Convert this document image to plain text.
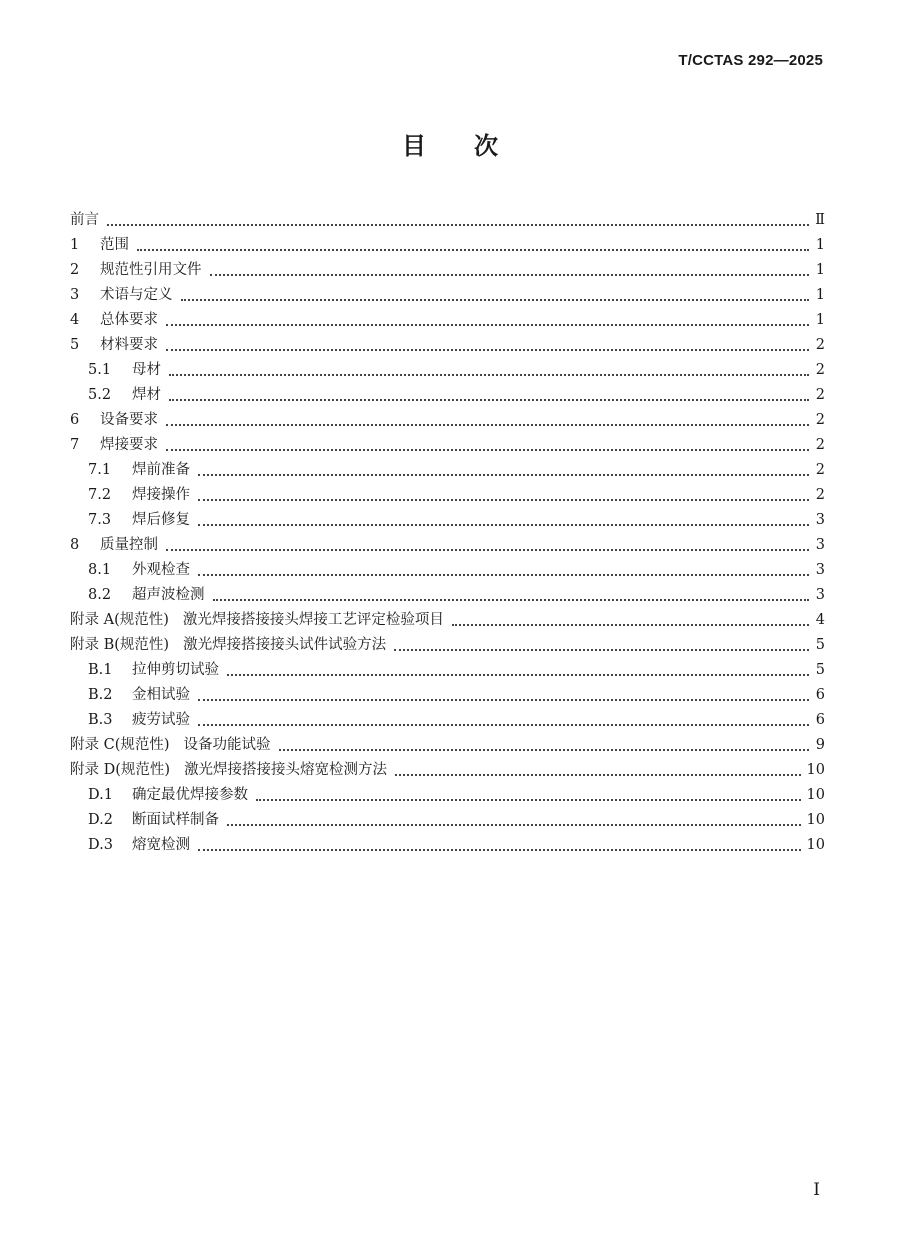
T/CCTAS 292—2025
目次
前言	Ⅱ
1	范围	1
2	规范性引用文件	1
3	术语与定义	1
4	总体要求	1
5	材料要求	2
5.1	母材	2
5.2	焊材	2
6	设备要求	2
7	焊接要求	2
7.1	焊前准备	2
7.2	焊接操作	2
7.3	焊后修复	3
8	质量控制	3
8.1	外观检查	3
8.2	超声波检测	3
附录 A(规范性) 激光焊接搭接接头焊接工艺评定检验项目	4
附录 B(规范性) 激光焊接搭接接头试件试验方法	5
B.1	拉伸剪切试验	5
B.2	金相试验	6
B.3	疲劳试验	6
附录 C(规范性) 设备功能试验	9
附录 D(规范性) 激光焊接搭接接头熔宽检测方法	10
D.1	确定最优焊接参数	10
D.2	断面试样制备	10
D.3	熔宽检测	10
I
